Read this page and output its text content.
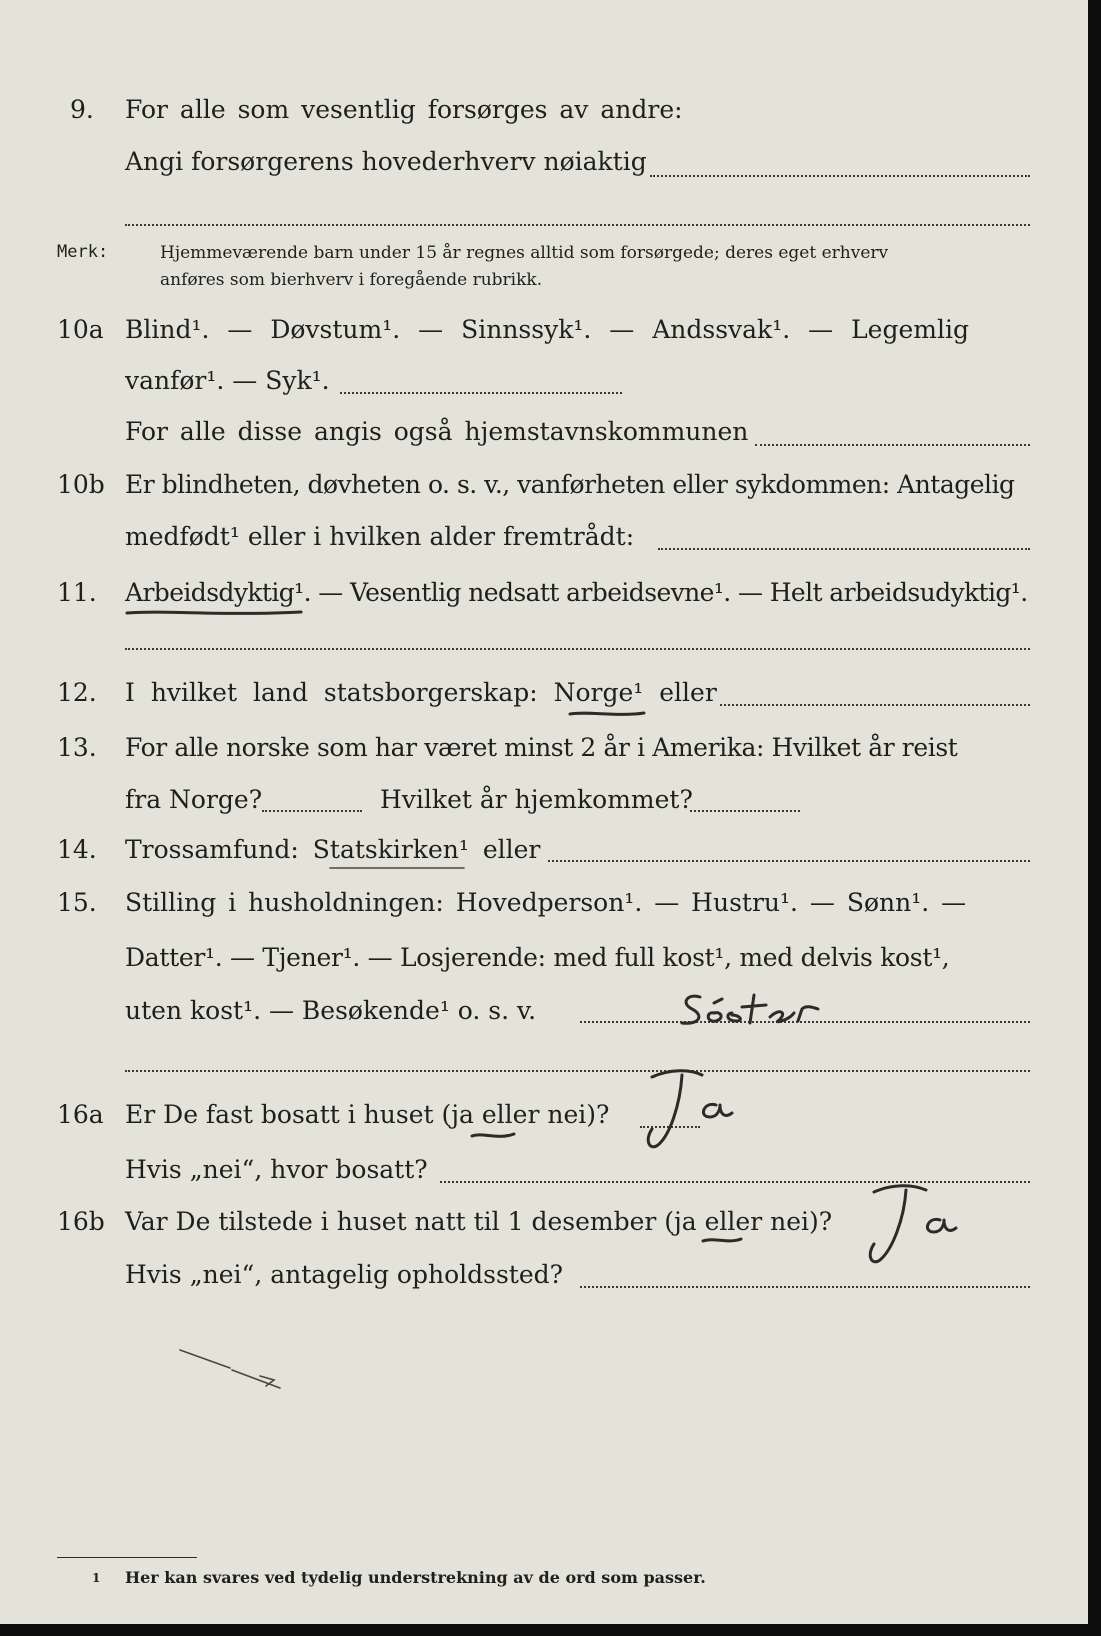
9. For alle som vesentlig forsørges av andre:
Angi forsørgerens hovederhverv nøiaktig
Merk:	Hjemmeværende barn under 15 år regnes alltid som forsørgede; deres eget erhverv
anføres som bierhverv i foregående rubrikk.
10a Blind¹. — Døvstum¹. — Sinnssyk¹. — Andssvak¹. — Legemlig
vanfør¹. — Syk¹.
For alle disse angis også hjemstavnskommunen
10b Er blindheten, døvheten o. s. v., vanførheten eller sykdommen: Antagelig
medfødt¹ eller i hvilken alder fremtrådt:
11. Arbeidsdyktig¹. — Vesentlig nedsatt arbeidsevne¹. — Helt arbeidsudyktig¹.
12. I hvilket land statsborgerskap: Norge¹ eller
13. For alle norske som har været minst 2 år i Amerika: Hvilket år reist
fra Norge?	Hvilket år hjemkommet?
14. Trossamfund: Statskirken¹ eller
15. Stilling i husholdningen: Hovedperson¹. — Hustru¹. — Sønn¹. —
Datter¹. — Tjener¹. — Losjerende: med full kost¹, med delvis kost¹,
uten kost¹. — Besøkende¹ o. s. v.
16a Er De fast bosatt i huset (ja eller nei)?
Hvis „nei“, hvor bosatt?
16b Var De tilstede i huset natt til 1 desember (ja eller nei)?
Hvis „nei“, antagelig opholdssted?
1 Her kan svares ved tydelig understrekning av de ord som passer.
